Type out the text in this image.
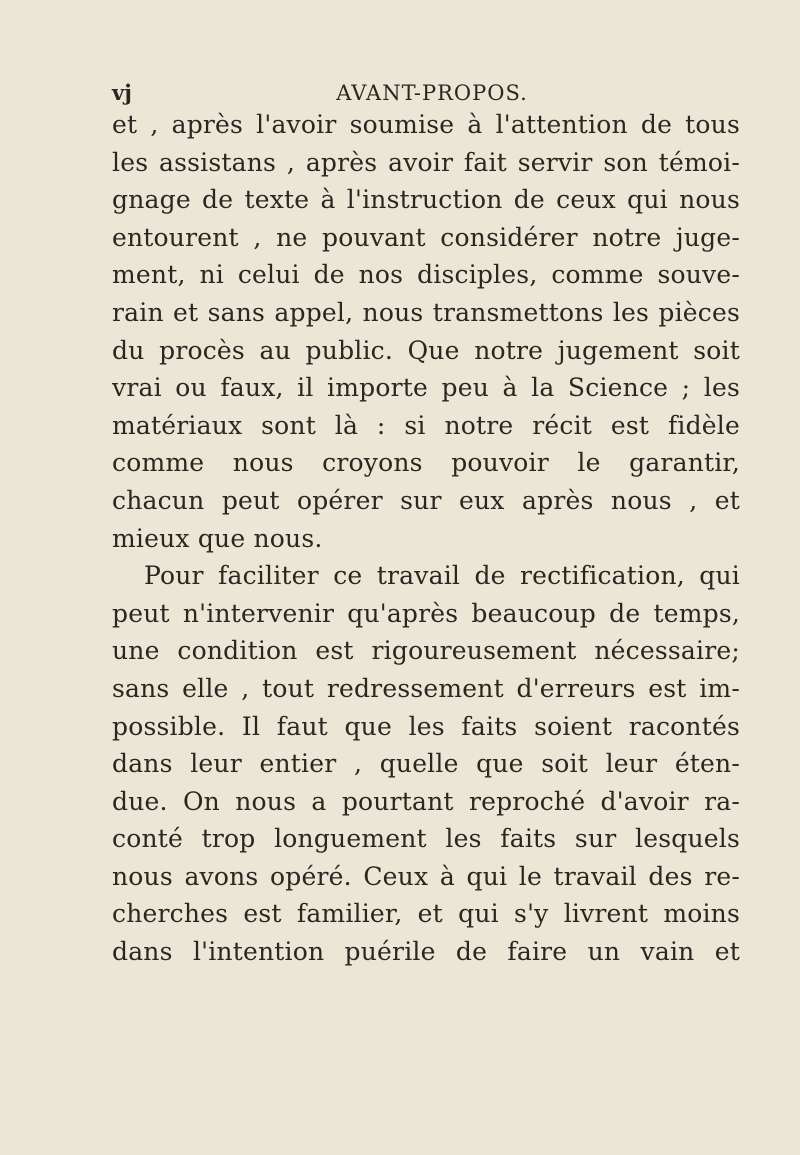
vj	AVANT-PROPOS.
et , après l'avoir soumise à l'attention de tous
les assistans , après avoir fait servir son témoi-
gnage de texte à l'instruction de ceux qui nous
entourent , ne pouvant considérer notre juge-
ment, ni celui de nos disciples, comme souve-
rain et sans appel, nous transmettons les pièces
du procès au public. Que notre jugement soit
vrai ou faux, il importe peu à la Science ; les
matériaux sont là : si notre récit est fidèle
comme nous croyons pouvoir le garantir,
chacun peut opérer sur eux après nous , et
mieux que nous.
Pour faciliter ce travail de rectification, qui
peut n'intervenir qu'après beaucoup de temps,
une condition est rigoureusement nécessaire;
sans elle , tout redressement d'erreurs est im-
possible. Il faut que les faits soient racontés
dans leur entier , quelle que soit leur éten-
due. On nous a pourtant reproché d'avoir ra-
conté trop longuement les faits sur lesquels
nous avons opéré. Ceux à qui le travail des re-
cherches est familier, et qui s'y livrent moins
dans l'intention puérile de faire un vain et
